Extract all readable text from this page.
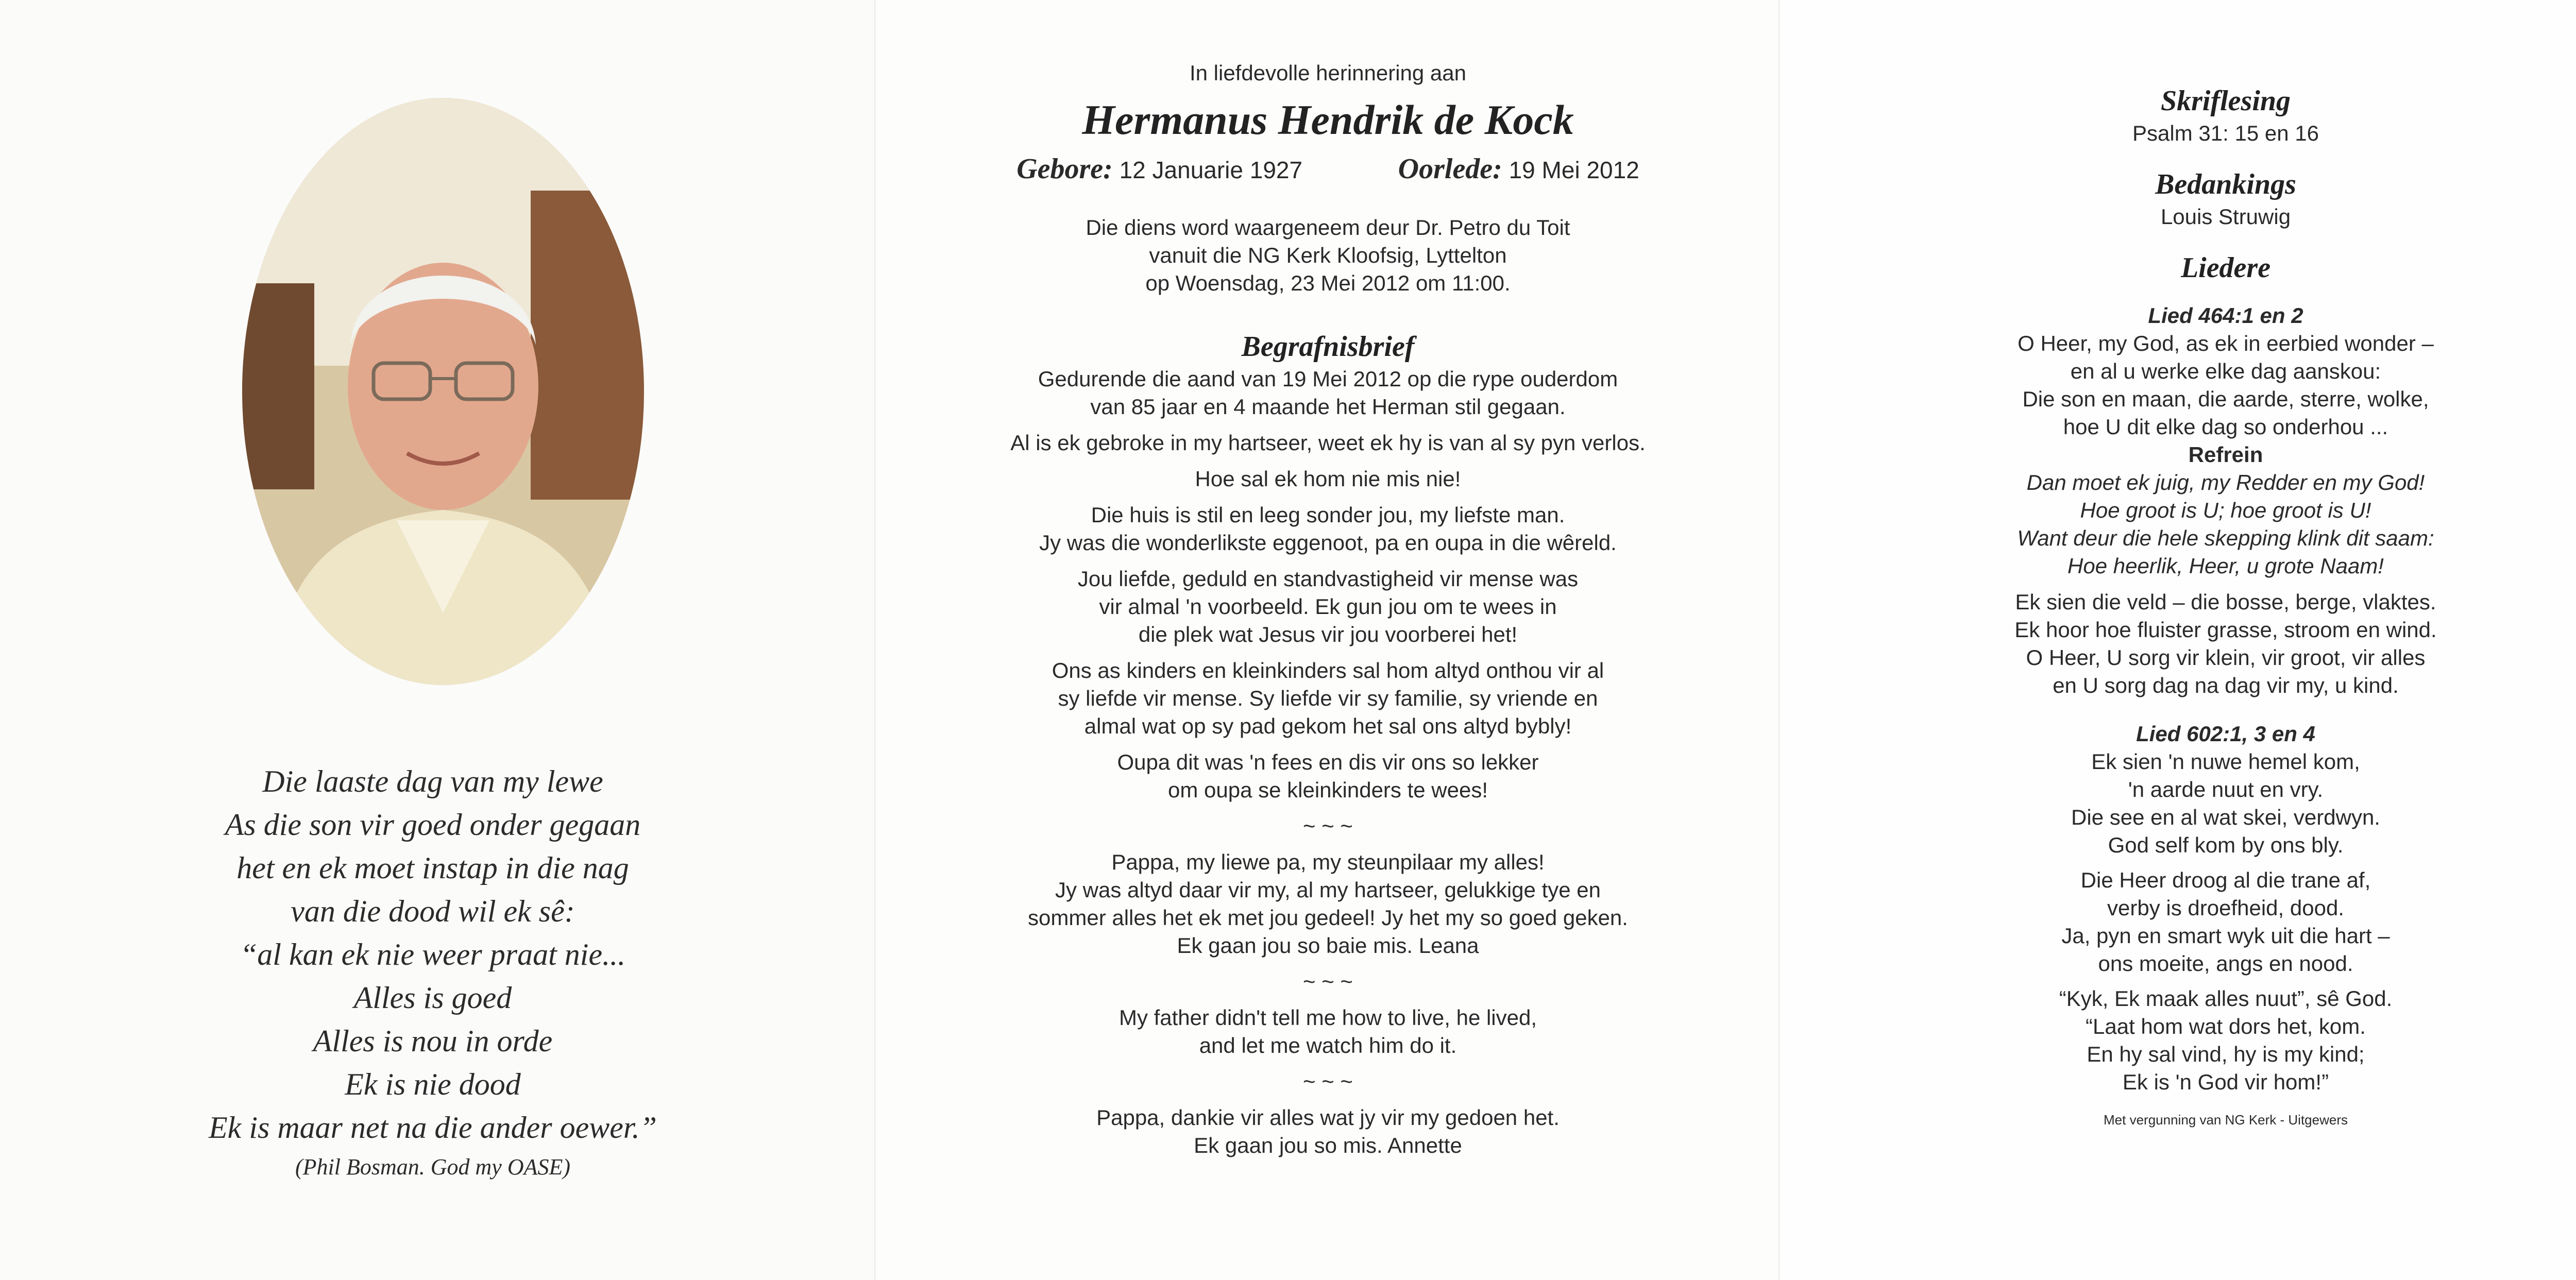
Die laaste dag van my lewe
As die son vir goed onder gegaan
het en ek moet instap in die nag
van die dood wil ek sê:
“al kan ek nie weer praat nie...
Alles is goed
Alles is nou in orde
Ek is nie dood
Ek is maar net na die ander oewer.”
(Phil Bosman. God my OASE)
In liefdevolle herinnering aan
Hermanus Hendrik de Kock
Gebore: 12 Januarie 1927	Oorlede: 19 Mei 2012
Die diens word waargeneem deur Dr. Petro du Toit
vanuit die NG Kerk Kloofsig, Lyttelton
op Woensdag, 23 Mei 2012 om 11:00.
Begrafnisbrief
Gedurende die aand van 19 Mei 2012 op die rype ouderdom
van 85 jaar en 4 maande het Herman stil gegaan.
Al is ek gebroke in my hartseer, weet ek hy is van al sy pyn verlos.
Hoe sal ek hom nie mis nie!
Die huis is stil en leeg sonder jou, my liefste man.
Jy was die wonderlikste eggenoot, pa en oupa in die wêreld.
Jou liefde, geduld en standvastigheid vir mense was
vir almal 'n voorbeeld. Ek gun jou om te wees in
die plek wat Jesus vir jou voorberei het!
Ons as kinders en kleinkinders sal hom altyd onthou vir al
sy liefde vir mense. Sy liefde vir sy familie, sy vriende en
almal wat op sy pad gekom het sal ons altyd bybly!
Oupa dit was 'n fees en dis vir ons so lekker
om oupa se kleinkinders te wees!
~ ~ ~
Pappa, my liewe pa, my steunpilaar my alles!
Jy was altyd daar vir my, al my hartseer, gelukkige tye en
sommer alles het ek met jou gedeel! Jy het my so goed geken.
Ek gaan jou so baie mis. Leana
~ ~ ~
My father didn't tell me how to live, he lived,
and let me watch him do it.
~ ~ ~
Pappa, dankie vir alles wat jy vir my gedoen het.
Ek gaan jou so mis. Annette
Skriflesing
Psalm 31: 15 en 16
Bedankings
Louis Struwig
Liedere
Lied 464:1 en 2
O Heer, my God, as ek in eerbied wonder –
en al u werke elke dag aanskou:
Die son en maan, die aarde, sterre, wolke,
hoe U dit elke dag so onderhou ...
Refrein
Dan moet ek juig, my Redder en my God!
Hoe groot is U; hoe groot is U!
Want deur die hele skepping klink dit saam:
Hoe heerlik, Heer, u grote Naam!
Ek sien die veld – die bosse, berge, vlaktes.
Ek hoor hoe fluister grasse, stroom en wind.
O Heer, U sorg vir klein, vir groot, vir alles
en U sorg dag na dag vir my, u kind.
Lied 602:1, 3 en 4
Ek sien 'n nuwe hemel kom,
'n aarde nuut en vry.
Die see en al wat skei, verdwyn.
God self kom by ons bly.
Die Heer droog al die trane af,
verby is droefheid, dood.
Ja, pyn en smart wyk uit die hart –
ons moeite, angs en nood.
“Kyk, Ek maak alles nuut”, sê God.
“Laat hom wat dors het, kom.
En hy sal vind, hy is my kind;
Ek is 'n God vir hom!”
Met vergunning van NG Kerk - Uitgewers
